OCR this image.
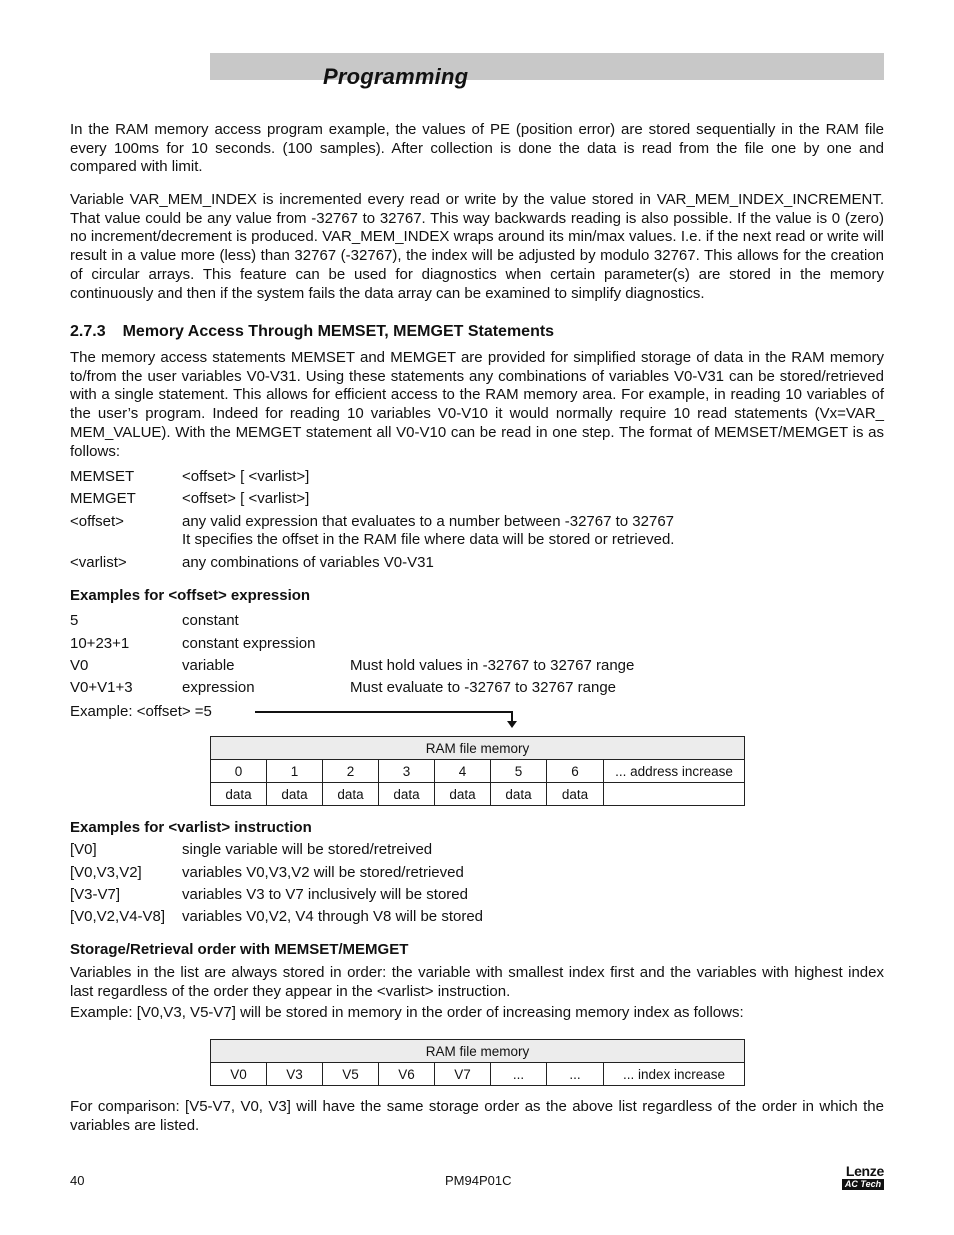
Programming

In the RAM memory access program example, the values of PE (position error) are stored sequentially in the RAM file every 100ms for 10 seconds. (100 samples). After collection is done the data is read from the file one by one and compared with limit.

Variable VAR_MEM_INDEX is incremented every read or write by the value stored in VAR_MEM_INDEX_INCREMENT. That value could be any value from -32767 to 32767. This way backwards reading is also possible. If the value is 0 (zero) no increment/decrement is produced. VAR_MEM_INDEX wraps around its min/max values. I.e. if the next read or write will result in a value more (less) than 32767 (-32767), the index will be adjusted by modulo 32767. This allows for the creation of circular arrays. This feature can be used for diagnostics when certain parameter(s) are stored in the memory continuously and then if the system fails the data array can be examined to simplify diagnostics.

2.7.3 Memory Access Through MEMSET, MEMGET Statements

The memory access statements MEMSET and MEMGET are provided for simplified storage of data in the RAM memory to/from the user variables V0-V31. Using these statements any combinations of variables V0-V31 can be stored/retrieved with a single statement. This allows for efficient access to the RAM memory area. For example, in reading 10 variables of the user’s program. Indeed for reading 10 variables V0-V10 it would normally require 10 read statements (Vx=VAR_ MEM_VALUE). With the MEMGET statement all V0-V10 can be read in one step. The format of MEMSET/MEMGET is as follows:

MEMSET	<offset> [ <varlist>]
MEMGET	<offset> [ <varlist>]
<offset>	any valid expression that evaluates to a number between -32767 to 32767
It specifies the offset in the RAM file where data will be stored or retrieved.
<varlist>	any combinations of variables V0-V31
Examples for <offset> expression
5	constant
10+23+1	constant expression
V0	variable	Must hold values in -32767 to 32767 range
V0+V1+3	expression	Must evaluate to -32767 to 32767 range
Example: <offset> =5
RAM file memory							
0	1	2	3	4	5	6	... address increase
data	data	data	data	data	data	data	
Examples for <varlist> instruction
[V0]	single variable will be stored/retreived
[V0,V3,V2]	variables V0,V3,V2 will be stored/retrieved
[V3-V7]	variables V3 to V7 inclusively will be stored
[V0,V2,V4-V8] variables V0,V2, V4 through V8 will be stored
Storage/Retrieval order with MEMSET/MEMGET

Variables in the list are always stored in order: the variable with smallest index first and the variables with highest index last regardless of the order they appear in the <varlist> instruction.

Example: [V0,V3, V5-V7] will be stored in memory in the order of increasing memory index as follows:

RAM file memory
V0	V3	V5	V6	V7	...	...	... index increase

For comparison: [V5-V7, V0, V3] will have the same storage order as the above list regardless of the order in which the variables are listed.

40	PM94P01C
Lenze
AC Tech
